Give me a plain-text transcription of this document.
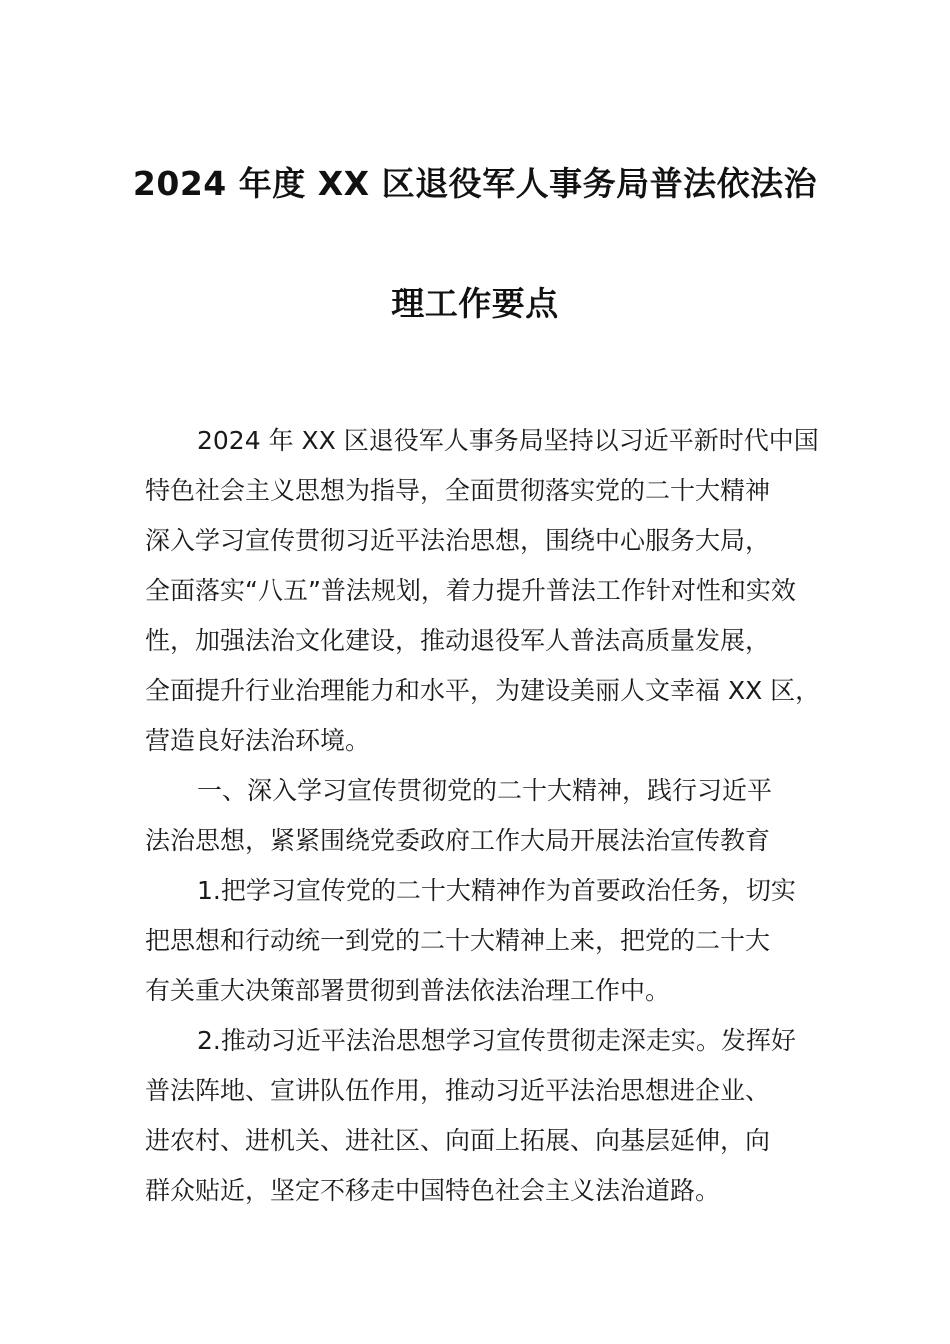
2024 年度 XX 区退役军人事务局普法依法治
理工作要点
2024 年 XX 区退役军人事务局坚持以习近平新时代中国
特色社会主义思想为指导，全面贯彻落实党的二十大精神
深入学习宣传贯彻习近平法治思想，围绕中心服务大局，
全面落实“八五”普法规划，着力提升普法工作针对性和实效
性，加强法治文化建设，推动退役军人普法高质量发展，
全面提升行业治理能力和水平，为建设美丽人文幸福 XX 区，
营造良好法治环境。
一、深入学习宣传贯彻党的二十大精神，践行习近平
法治思想，紧紧围绕党委政府工作大局开展法治宣传教育
1.把学习宣传党的二十大精神作为首要政治任务，切实
把思想和行动统一到党的二十大精神上来，把党的二十大
有关重大决策部署贯彻到普法依法治理工作中。
2.推动习近平法治思想学习宣传贯彻走深走实。发挥好
普法阵地、宣讲队伍作用，推动习近平法治思想进企业、
进农村、进机关、进社区、向面上拓展、向基层延伸，向
群众贴近，坚定不移走中国特色社会主义法治道路。
